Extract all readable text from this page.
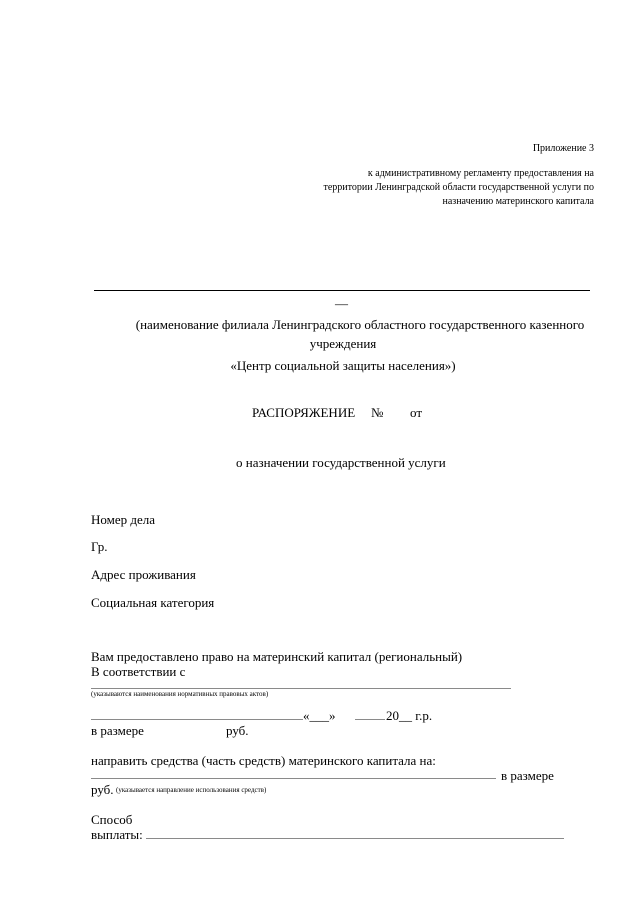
Приложение 3
к административному регламенту предоставления на
территории Ленинградской области государственной услуги по
назначению материнского капитала
—
(наименование филиала Ленинградского областного государственного казенного
учреждения
«Центр социальной защиты населения»)
РАСПОРЯЖЕНИЕ № от
о назначении государственной услуги
Номер дела
Гр.
Адрес проживания
Социальная категория
Вам предоставлено право на материнский капитал (региональный)
В соответствии с
(указываются наименования нормативных правовых актов)
«___»	20__ г.р.
в размере	руб.
направить средства (часть средств) материнского капитала на:
в размере
руб. (указывается направление использования средств)
Способ
выплаты:
